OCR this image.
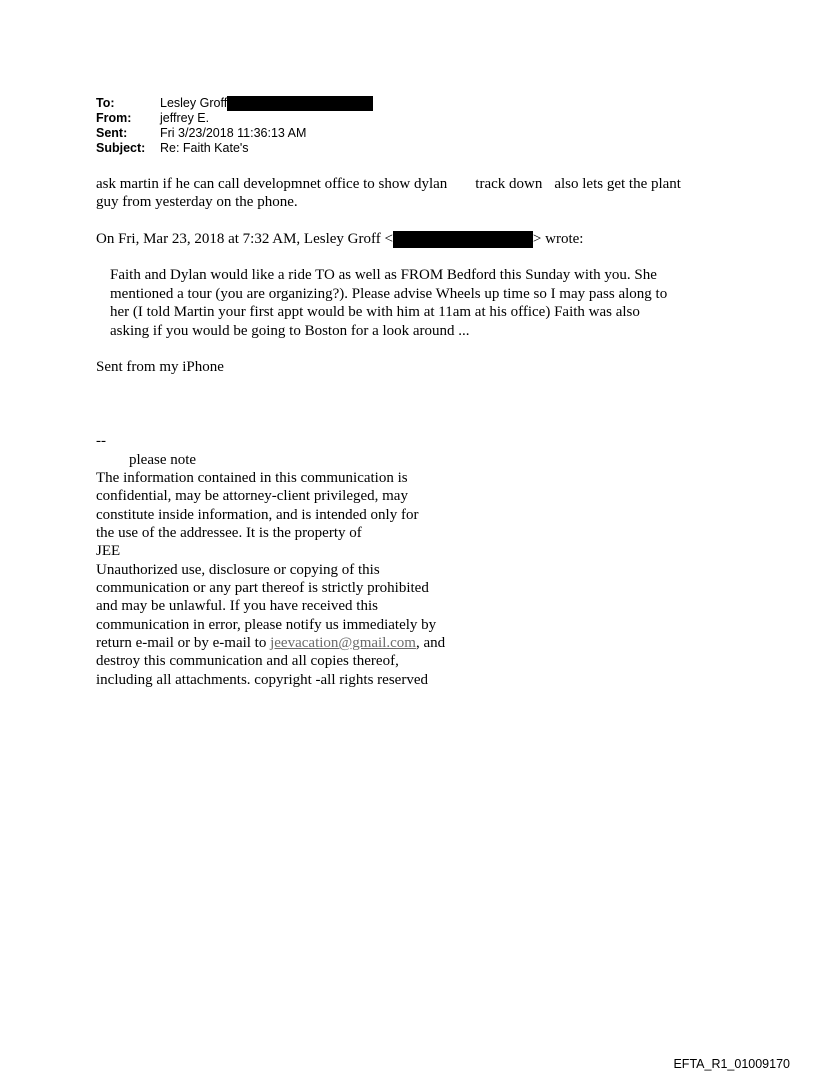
To:	Lesley Groff
From:	jeffrey E.
Sent:	Fri 3/23/2018 11:36:13 AM
Subject:	Re: Faith Kate's
ask martin if he can call developmnet office to show dylan track down also lets get the plant
guy from yesterday on the phone.
On Fri, Mar 23, 2018 at 7:32 AM, Lesley Groff <	> wrote:
Faith and Dylan would like a ride TO as well as FROM Bedford this Sunday with you. She
mentioned a tour (you are organizing?). Please advise Wheels up time so I may pass along to
her (I told Martin your first appt would be with him at 11am at his office) Faith was also
asking if you would be going to Boston for a look around ...
Sent from my iPhone
--
please note
The information contained in this communication is
confidential, may be attorney-client privileged, may
constitute inside information, and is intended only for
the use of the addressee. It is the property of
JEE
Unauthorized use, disclosure or copying of this
communication or any part thereof is strictly prohibited
and may be unlawful. If you have received this
communication in error, please notify us immediately by
return e-mail or by e-mail to jeevacation@gmail.com, and
destroy this communication and all copies thereof,
including all attachments. copyright -all rights reserved
EFTA_R1_01009170
